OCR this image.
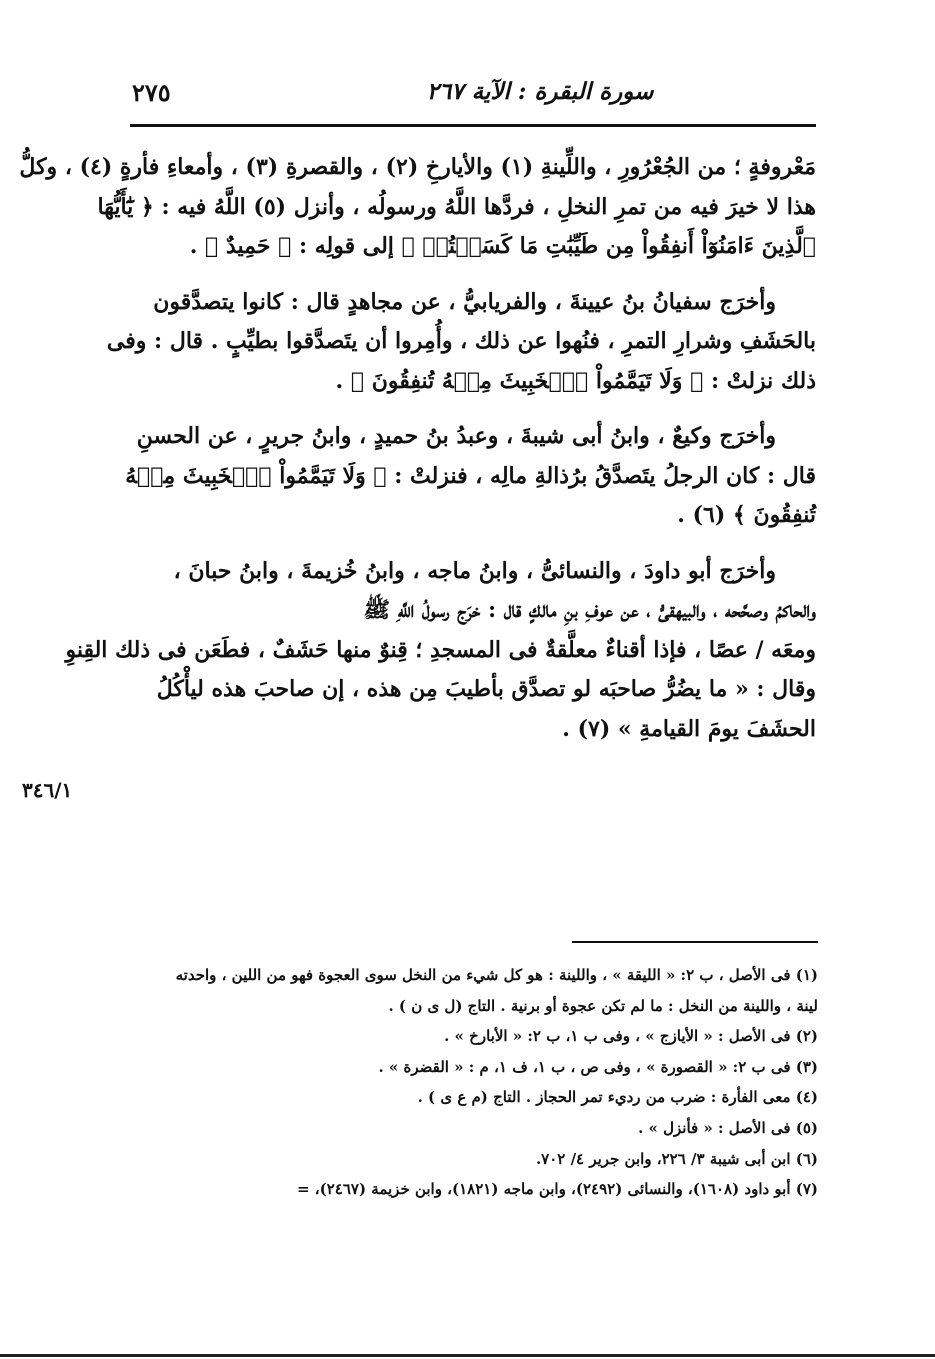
٢٧٥	سورة البقرة : الآية ٢٦٧
٣٤٦/١
مَعْروفةٍ ؛ من الجُعْرُورِ ، واللِّينةِ (١) والأيارخِ (٢) ، والقصرةِ (٣) ، وأمعاءِ فأرةٍ (٤) ، وكلُّ
هذا لا خيرَ فيه من تمرِ النخلِ ، فردَّها اللَّهُ ورسولُه ، وأنزل (٥) اللَّهُ فيه : ﴿ يَٰٓأَيُّهَا
ٱلَّذِينَ ءَامَنُوٓاْ أَنفِقُواْ مِن طَيِّبَٰتِ مَا كَسَبۡتُمۡ ﴾ إلى قولِه : ﴿ حَمِيدٌ ﴾ .
وأخرَج سفيانُ بنُ عيينةَ ، والفريابيُّ ، عن مجاهدٍ قال : كانوا يتصدَّقون
بالحَشَفِ وشرارِ التمرِ ، فنُهوا عن ذلك ، وأُمِروا أن يتَصدَّقوا بطيِّبٍ . قال : وفى
ذلك نزلتْ : ﴿ وَلَا تَيَمَّمُواْ ٱلۡخَبِيثَ مِنۡهُ تُنفِقُونَ ﴾ .
وأخرَج وكيعٌ ، وابنُ أبى شيبةَ ، وعبدُ بنُ حميدٍ ، وابنُ جريرٍ ، عن الحسنِ
قال : كان الرجلُ يتَصدَّقُ برُذالةِ مالِه ، فنزلتْ : ﴿ وَلَا تَيَمَّمُواْ ٱلۡخَبِيثَ مِنۡهُ
تُنفِقُونَ ﴾ (٦) .
وأخرَج أبو داودَ ، والنسائىُّ ، وابنُ ماجه ، وابنُ خُزيمةَ ، وابنُ حبانَ ،
والحاكمُ وصحَّحه ، والبيهقىُّ ، عن عوفِ بنِ مالكٍ قال : خرَج رسولُ اللَّهِ ﷺ
ومعَه / عصًا ، فإذا أقناءٌ معلَّقةٌ فى المسجدِ ؛ قِنوٌ منها حَشَفٌ ، فطَعَن فى ذلك القِنوِ
وقال : « ما يضُرُّ صاحبَه لو تصدَّق بأطيبَ مِن هذه ، إن صاحبَ هذه ليأْكُلُ
الحشَفَ يومَ القيامةِ » (٧) .
(١) فى الأصل ، ب ٢: « الليقة » ، واللينة : هو كل شيء من النخل سوى العجوة فهو من اللين ، واحدته
لينة ، واللينة من النخل : ما لم تكن عجوة أو برنية . التاج (ل ى ن ) .
(٢) فى الأصل : « الأيازج » ، وفى ب ١، ب ٢: « الأبارخ » .
(٣) فى ب ٢: « القصورة » ، وفى ص ، ب ١، ف ١، م : « القضرة » .
(٤) معى الفأرة : ضرب من رديء تمر الحجاز . التاج (م ع ى ) .
(٥) فى الأصل : « فأنزل » .
(٦) ابن أبى شيبة ٣/ ٢٢٦، وابن جرير ٤/ ٧٠٢.
(٧) أبو داود (١٦٠٨)، والنسائى (٢٤٩٢)، وابن ماجه (١٨٢١)، وابن خزيمة (٢٤٦٧)، =
